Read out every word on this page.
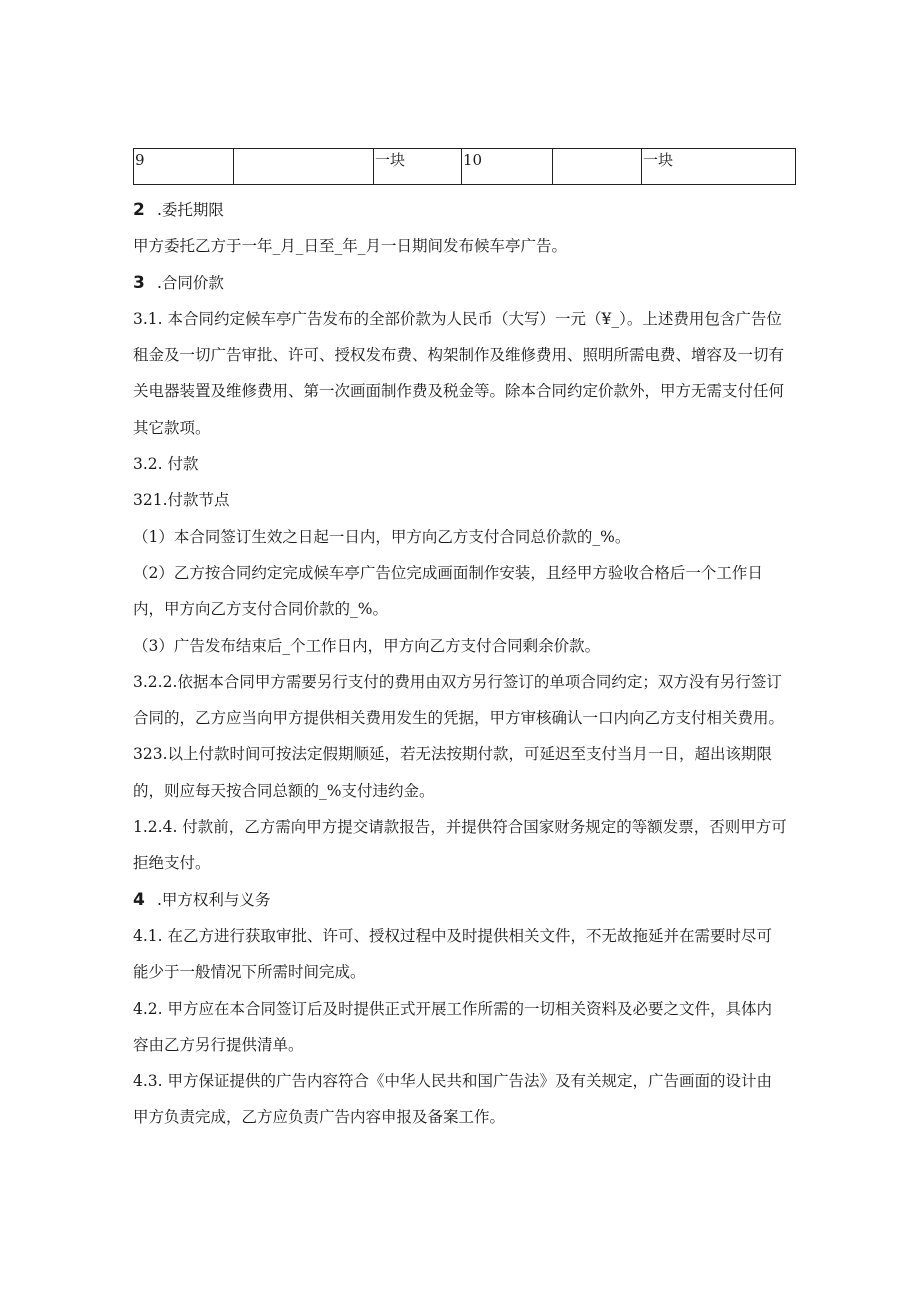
9		一块	10		一块

2 .委托期限

甲方委托乙方于一年_月_日至_年_月一日期间发布候车亭广告。

3 .合同价款

3.1. 本合同约定候车亭广告发布的全部价款为人民币（大写）一元（¥_）。上述费用包含广告位租金及一切广告审批、许可、授权发布费、构架制作及维修费用、照明所需电费、增容及一切有关电器装置及维修费用、第一次画面制作费及税金等。除本合同约定价款外，甲方无需支付任何其它款项。

3.2. 付款

321.付款节点

（1）本合同签订生效之日起一日内，甲方向乙方支付合同总价款的_%。

（2）乙方按合同约定完成候车亭广告位完成画面制作安装，且经甲方验收合格后一个工作日内，甲方向乙方支付合同价款的_%。

（3）广告发布结束后_个工作日内，甲方向乙方支付合同剩余价款。

3.2.2.依据本合同甲方需要另行支付的费用由双方另行签订的单项合同约定；双方没有另行签订合同的，乙方应当向甲方提供相关费用发生的凭据，甲方审核确认一口内向乙方支付相关费用。

323.以上付款时间可按法定假期顺延，若无法按期付款，可延迟至支付当月一日，超出该期限的，则应每天按合同总额的_%支付违约金。

1.2.4. 付款前，乙方需向甲方提交请款报告，并提供符合国家财务规定的等额发票，否则甲方可拒绝支付。

4 .甲方权利与义务

4.1. 在乙方进行获取审批、许可、授权过程中及时提供相关文件，不无故拖延并在需要时尽可能少于一般情况下所需时间完成。

4.2. 甲方应在本合同签订后及时提供正式开展工作所需的一切相关资料及必要之文件，具体内容由乙方另行提供清单。

4.3. 甲方保证提供的广告内容符合《中华人民共和国广告法》及有关规定，广告画面的设计由甲方负责完成，乙方应负责广告内容申报及备案工作。
